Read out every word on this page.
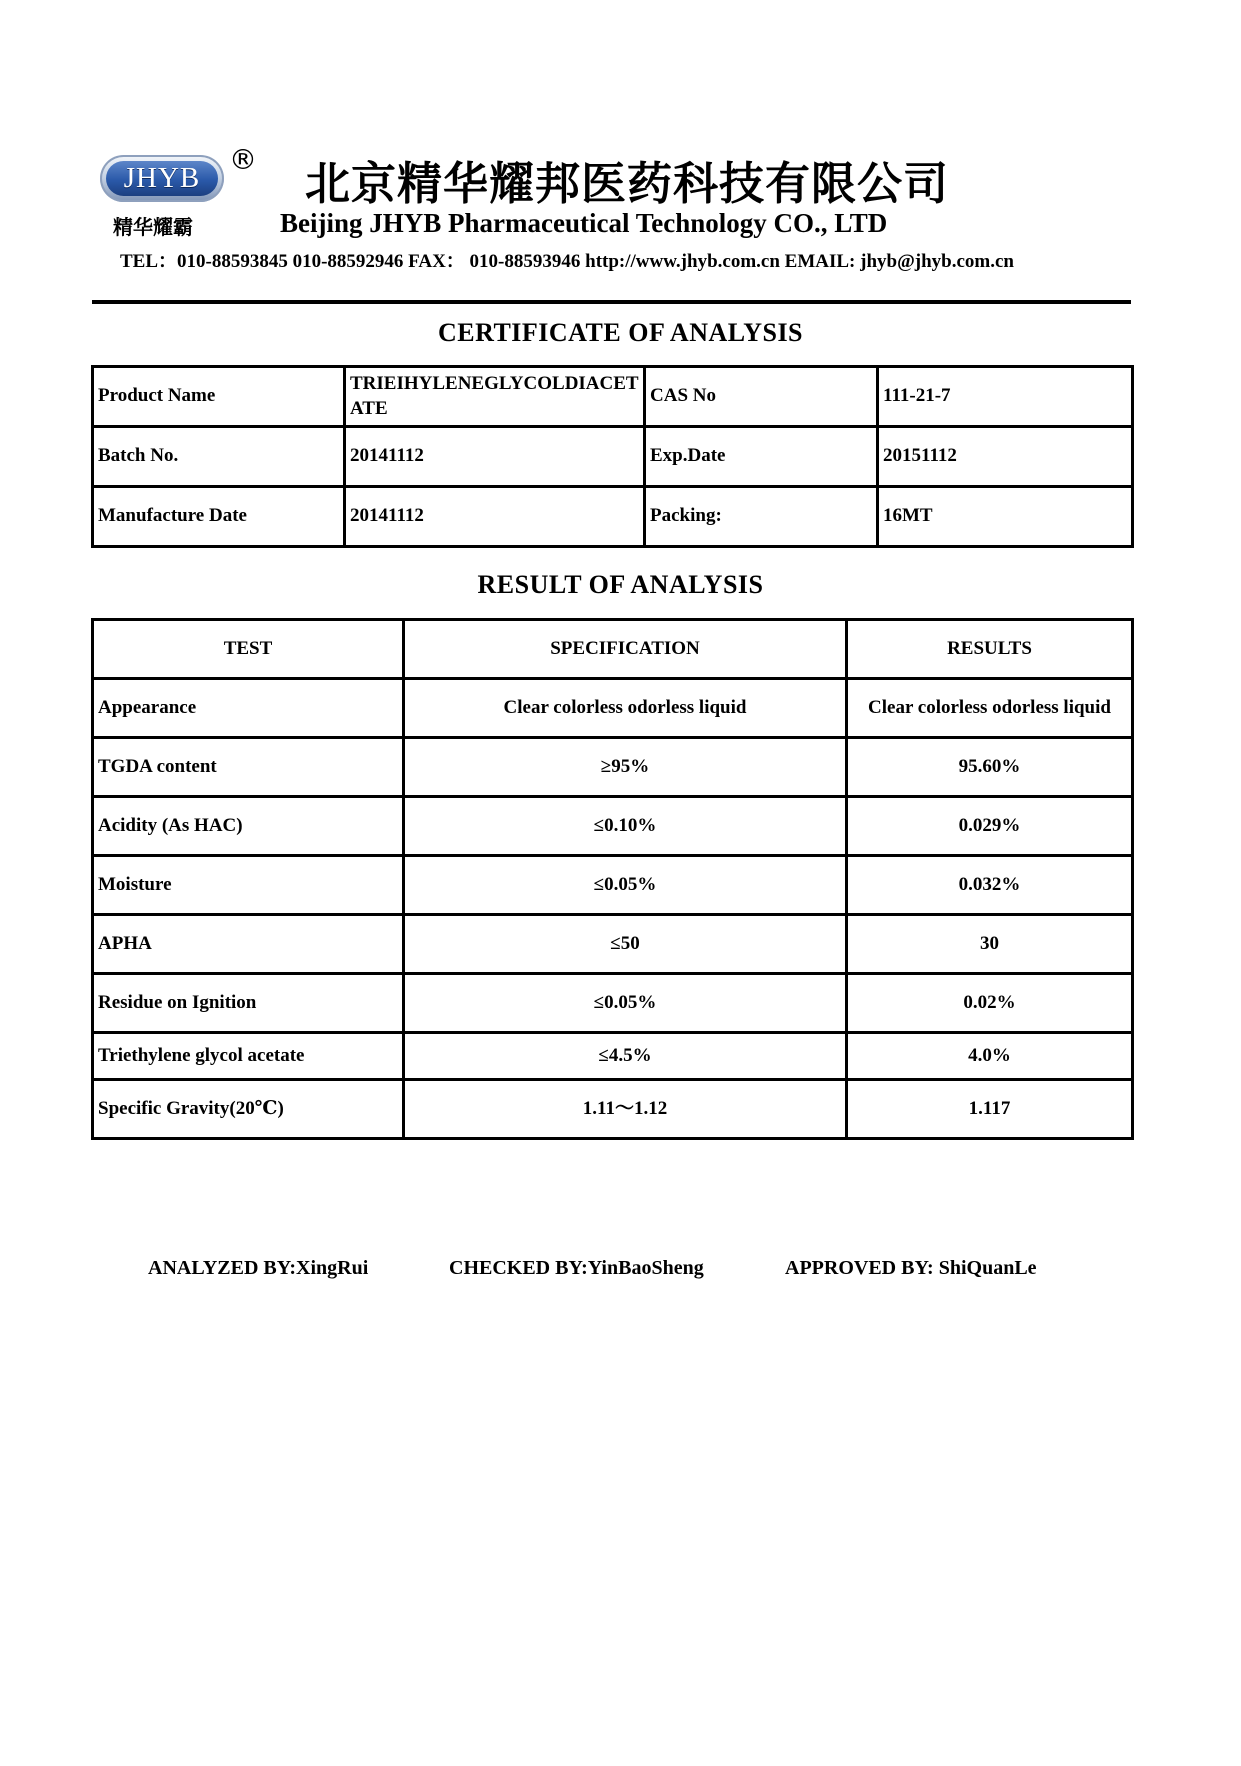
JHYB
®
精华耀霸
北京精华耀邦医药科技有限公司
Beijing JHYB Pharmaceutical Technology CO., LTD
TEL：010-88593845 010-88592946 FAX： 010-88593946 http://www.jhyb.com.cn EMAIL: jhyb@jhyb.com.cn
CERTIFICATE OF ANALYSIS
Product Name	TRIEIHYLENEGLYCOLDIACETATE	CAS No	111-21-7
Batch No.	20141112	Exp.Date	20151112
Manufacture Date	20141112	Packing:	16MT
RESULT OF ANALYSIS
TEST	SPECIFICATION	RESULTS
Appearance	Clear colorless odorless liquid	Clear colorless odorless liquid
TGDA content	≥95%	95.60%
Acidity (As HAC)	≤0.10%	0.029%
Moisture	≤0.05%	0.032%
APHA	≤50	30
Residue on Ignition	≤0.05%	0.02%
Triethylene glycol acetate	≤4.5%	4.0%
Specific Gravity(20℃)	1.11～1.12	1.117
ANALYZED BY:XingRui	CHECKED BY:YinBaoSheng	APPROVED BY: ShiQuanLe
